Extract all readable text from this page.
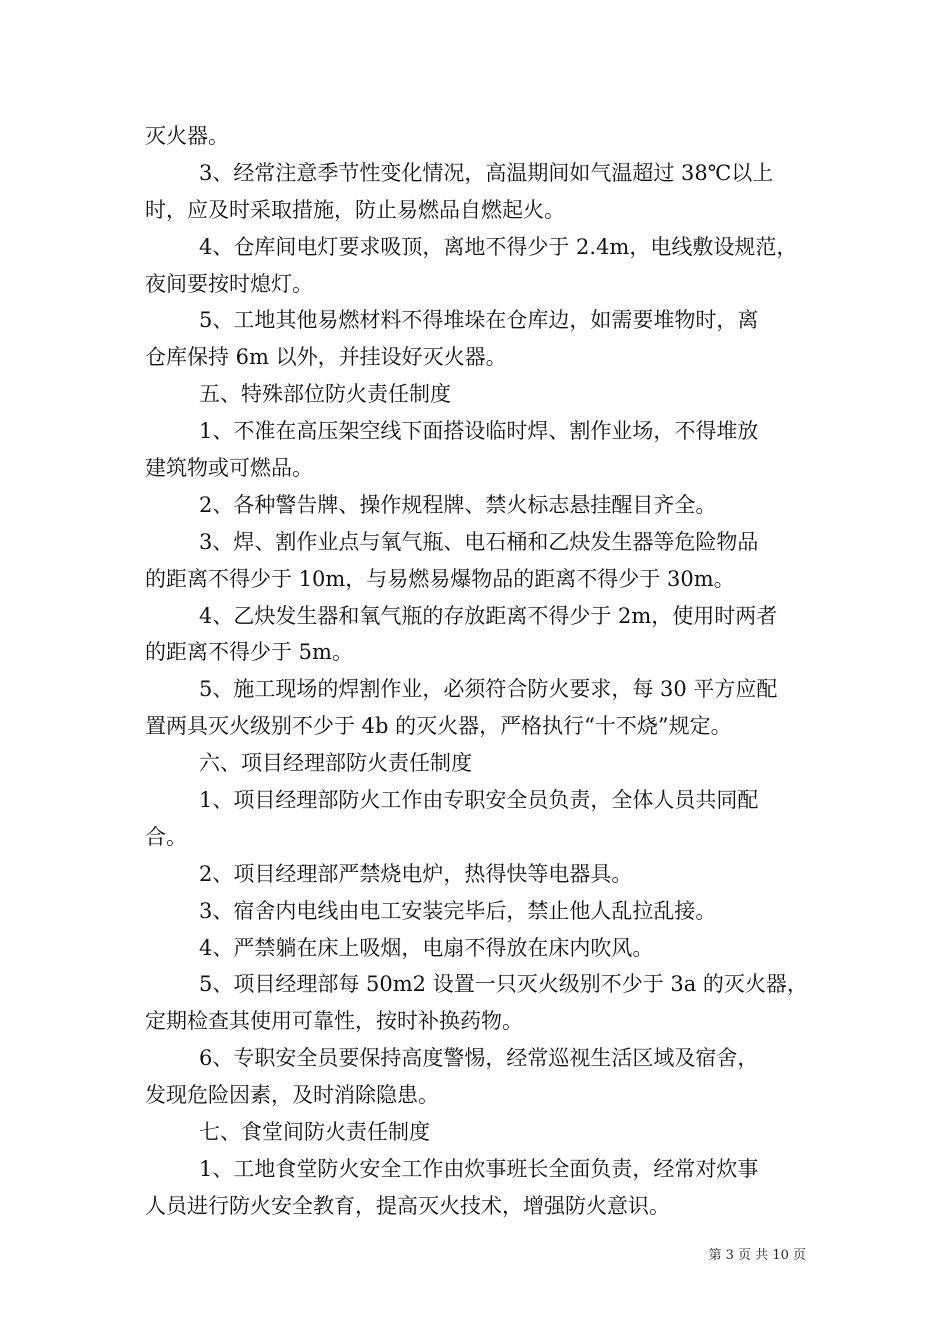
灭火器。
3、经常注意季节性变化情况，高温期间如气温超过 38℃以上
时，应及时采取措施，防止易燃品自燃起火。
4、仓库间电灯要求吸顶，离地不得少于 2.4m，电线敷设规范，
夜间要按时熄灯。
5、工地其他易燃材料不得堆垛在仓库边，如需要堆物时，离
仓库保持 6m 以外，并挂设好灭火器。
五、特殊部位防火责任制度
1、不准在高压架空线下面搭设临时焊、割作业场，不得堆放
建筑物或可燃品。
2、各种警告牌、操作规程牌、禁火标志悬挂醒目齐全。
3、焊、割作业点与氧气瓶、电石桶和乙炔发生器等危险物品
的距离不得少于 10m，与易燃易爆物品的距离不得少于 30m。
4、乙炔发生器和氧气瓶的存放距离不得少于 2m，使用时两者
的距离不得少于 5m。
5、施工现场的焊割作业，必须符合防火要求，每 30 平方应配
置两具灭火级别不少于 4b 的灭火器，严格执行“十不烧”规定。
六、项目经理部防火责任制度
1、项目经理部防火工作由专职安全员负责，全体人员共同配
合。
2、项目经理部严禁烧电炉，热得快等电器具。
3、宿舍内电线由电工安装完毕后，禁止他人乱拉乱接。
4、严禁躺在床上吸烟，电扇不得放在床内吹风。
5、项目经理部每 50m2 设置一只灭火级别不少于 3a 的灭火器，
定期检查其使用可靠性，按时补换药物。
6、专职安全员要保持高度警惕，经常巡视生活区域及宿舍，
发现危险因素，及时消除隐患。
七、食堂间防火责任制度
1、工地食堂防火安全工作由炊事班长全面负责，经常对炊事
人员进行防火安全教育，提高灭火技术，增强防火意识。
第 3 页 共 10 页
